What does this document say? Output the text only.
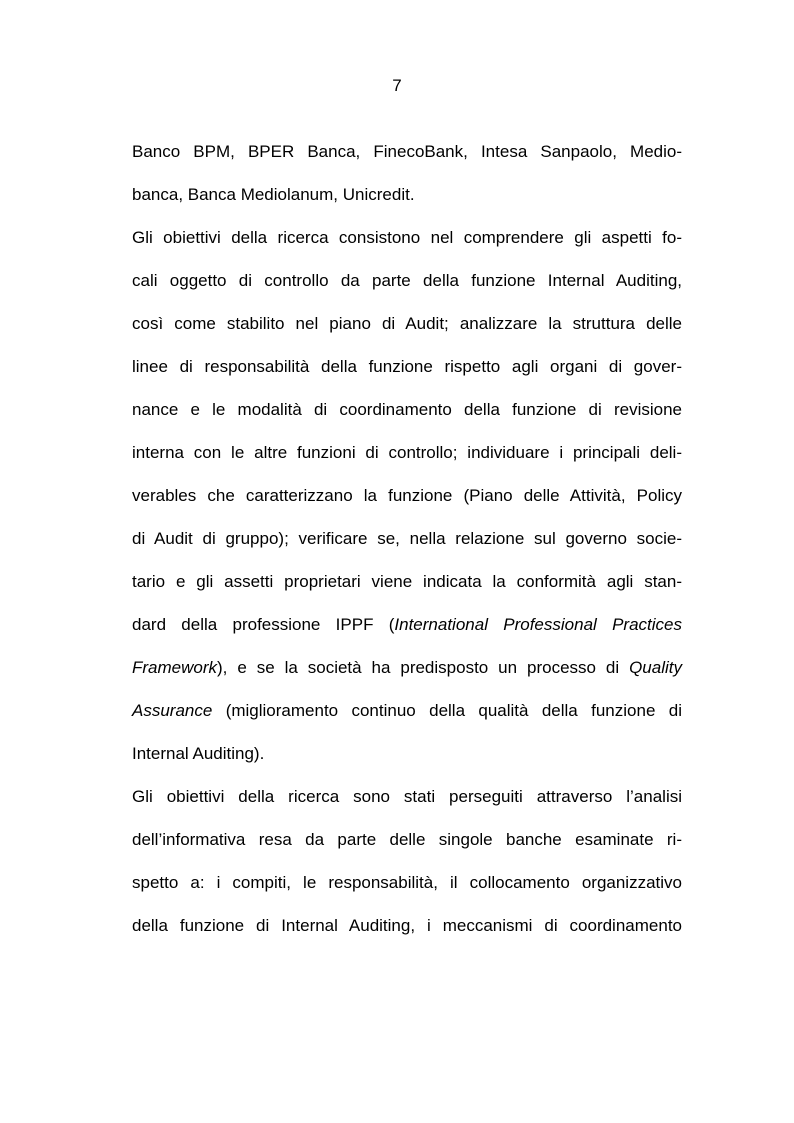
7
Banco BPM, BPER Banca, FinecoBank, Intesa Sanpaolo, Medio-
banca, Banca Mediolanum, Unicredit.
Gli obiettivi della ricerca consistono nel comprendere gli aspetti fo-
cali oggetto di controllo da parte della funzione Internal Auditing,
così come stabilito nel piano di Audit; analizzare la struttura delle
linee di responsabilità della funzione rispetto agli organi di gover-
nance e le modalità di coordinamento della funzione di revisione
interna con le altre funzioni di controllo; individuare i principali deli-
verables che caratterizzano la funzione (Piano delle Attività, Policy
di Audit di gruppo); verificare se, nella relazione sul governo socie-
tario e gli assetti proprietari viene indicata la conformità agli stan-
dard della professione IPPF (International Professional Practices
Framework), e se la società ha predisposto un processo di Quality
Assurance (miglioramento continuo della qualità della funzione di
Internal Auditing).
Gli obiettivi della ricerca sono stati perseguiti attraverso l’analisi
dell’informativa resa da parte delle singole banche esaminate ri-
spetto a: i compiti, le responsabilità, il collocamento organizzativo
della funzione di Internal Auditing, i meccanismi di coordinamento
